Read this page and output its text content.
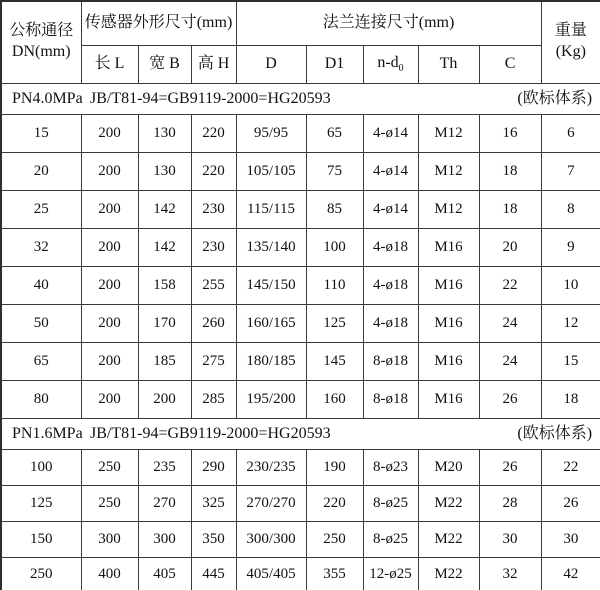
公称通径
DN(mm)
	传感器外形尺寸(mm)	法兰连接尺寸(mm)	重量
(Kg)

	长 L	宽 B	高 H	D	D1	$n-d_0$	Th	C	

PN4.0MPa JB/T81-94=GB9119-2000=HG20593 (欧标体系)									

15	200	130	220	95/95	65	4-ø14	M12	16	6
20	200	130	220	105/105	75	4-ø14	M12	18	7
25	200	142	230	115/115	85	4-ø14	M12	18	8
32	200	142	230	135/140	100	4-ø18	M16	20	9
40	200	158	255	145/150	110	4-ø18	M16	22	10
50	200	170	260	160/165	125	4-ø18	M16	24	12
65	200	185	275	180/185	145	8-ø18	M16	24	15
80	200	200	285	195/200	160	8-ø18	M16	26	18

PN1.6MPa JB/T81-94=GB9119-2000=HG20593 (欧标体系)									

100	250	235	290	230/235	190	8-ø23	M20	26	22
125	250	270	325	270/270	220	8-ø25	M22	28	26
150	300	300	350	300/300	250	8-ø25	M22	30	30
250	400	405	445	405/405	355	12-ø25	M22	32	42
